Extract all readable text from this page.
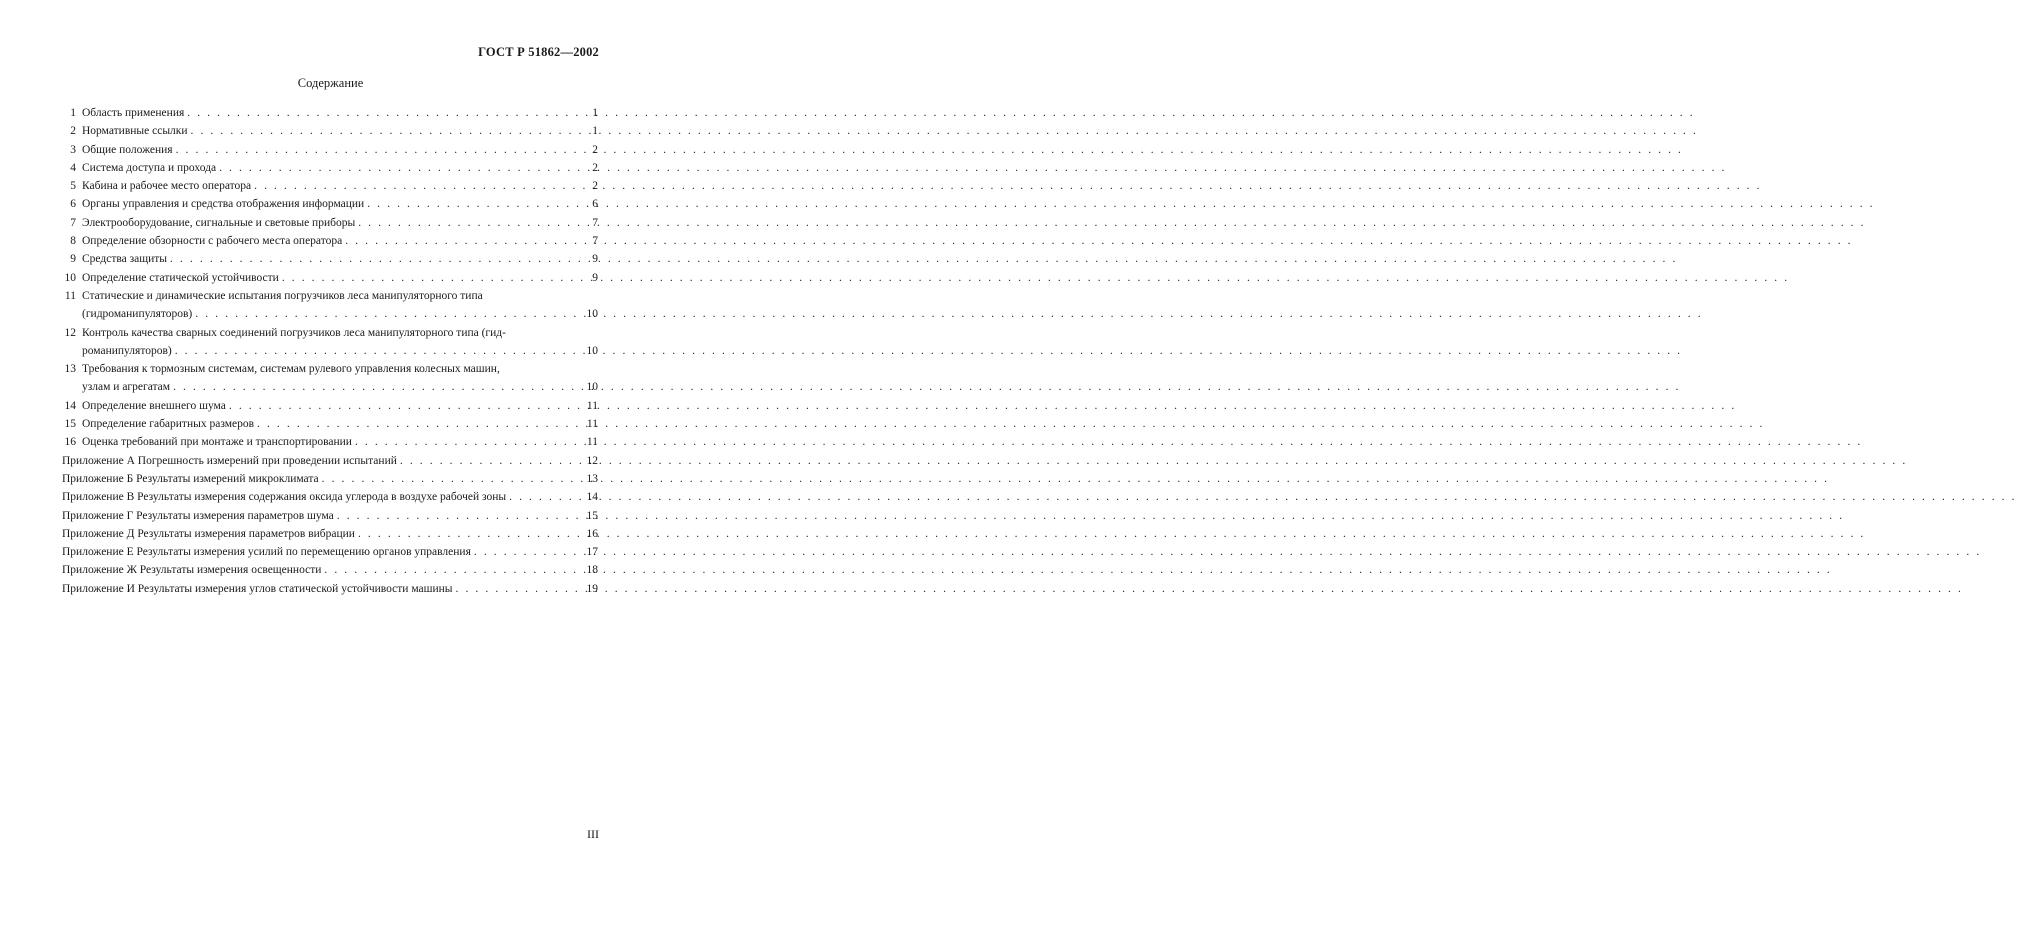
ГОСТ Р 51862—2002
Содержание
1 Область применения . . .	1
2 Нормативные ссылки . . .	1
3 Общие положения . . .	2
4 Система доступа и прохода . . .	2
5 Кабина и рабочее место оператора . . .	2
6 Органы управления и средства отображения информации . . .	6
7 Электрооборудование, сигнальные и световые приборы . . .	7
8 Определение обзорности с рабочего места оператора . . .	7
9 Средства защиты . . .	9
10 Определение статической устойчивости . . .	9
11 Статические и динамические испытания погрузчиков леса манипуляторного типа
(гидроманипуляторов) . . .	10
12 Контроль качества сварных соединений погрузчиков леса манипуляторного типа (гид-
романипуляторов) . . .	10
13 Требования к тормозным системам, системам рулевого управления колесных машин,
узлам и агрегатам . . .	10
14 Определение внешнего шума . . .	11
15 Определение габаритных размеров . . .	11
16 Оценка требований при монтаже и транспортировании . . .	11
Приложение А Погрешность измерений при проведении испытаний . . .	12
Приложение Б Результаты измерений микроклимата . . .	13
Приложение В Результаты измерения содержания оксида углерода в воздухе рабочей зоны . . .	14
Приложение Г Результаты измерения параметров шума . . .	15
Приложение Д Результаты измерения параметров вибрации . . .	16
Приложение Е Результаты измерения усилий по перемещению органов управления . . .	17
Приложение Ж Результаты измерения освещенности . . .	18
Приложение И Результаты измерения углов статической устойчивости машины . . .	19
III
